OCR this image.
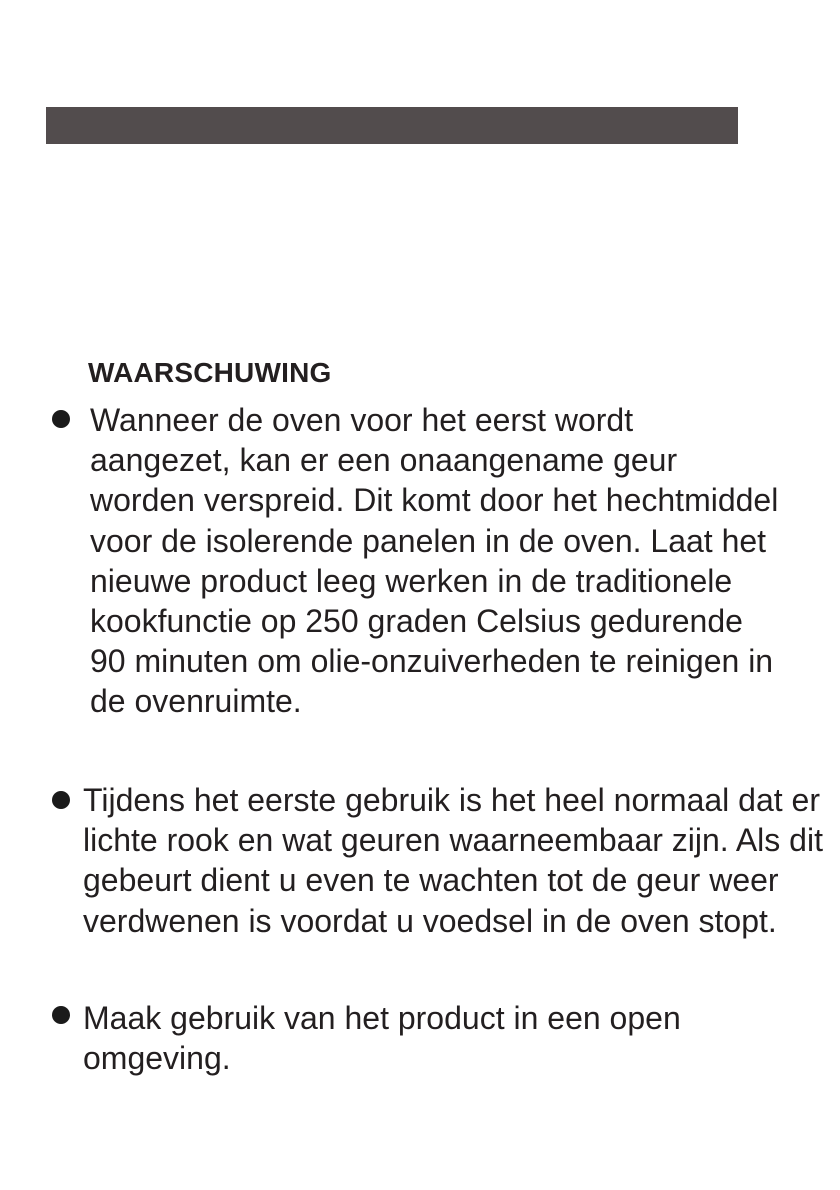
WAARSCHUWING

Wanneer de oven voor het eerst wordt aangezet, kan er een onaangename geur worden verspreid. Dit komt door het hechtmiddel voor de isolerende panelen in de oven. Laat het nieuwe product leeg werken in de traditionele kookfunctie op 250 graden Celsius gedurende 90 minuten om olie-onzuiverheden te reinigen in de ovenruimte.

Tijdens het eerste gebruik is het heel normaal dat er lichte rook en wat geuren waarneembaar zijn. Als dit gebeurt dient u even te wachten tot de geur weer verdwenen is voordat u voedsel in de oven stopt.

Maak gebruik van het product in een open omgeving.
